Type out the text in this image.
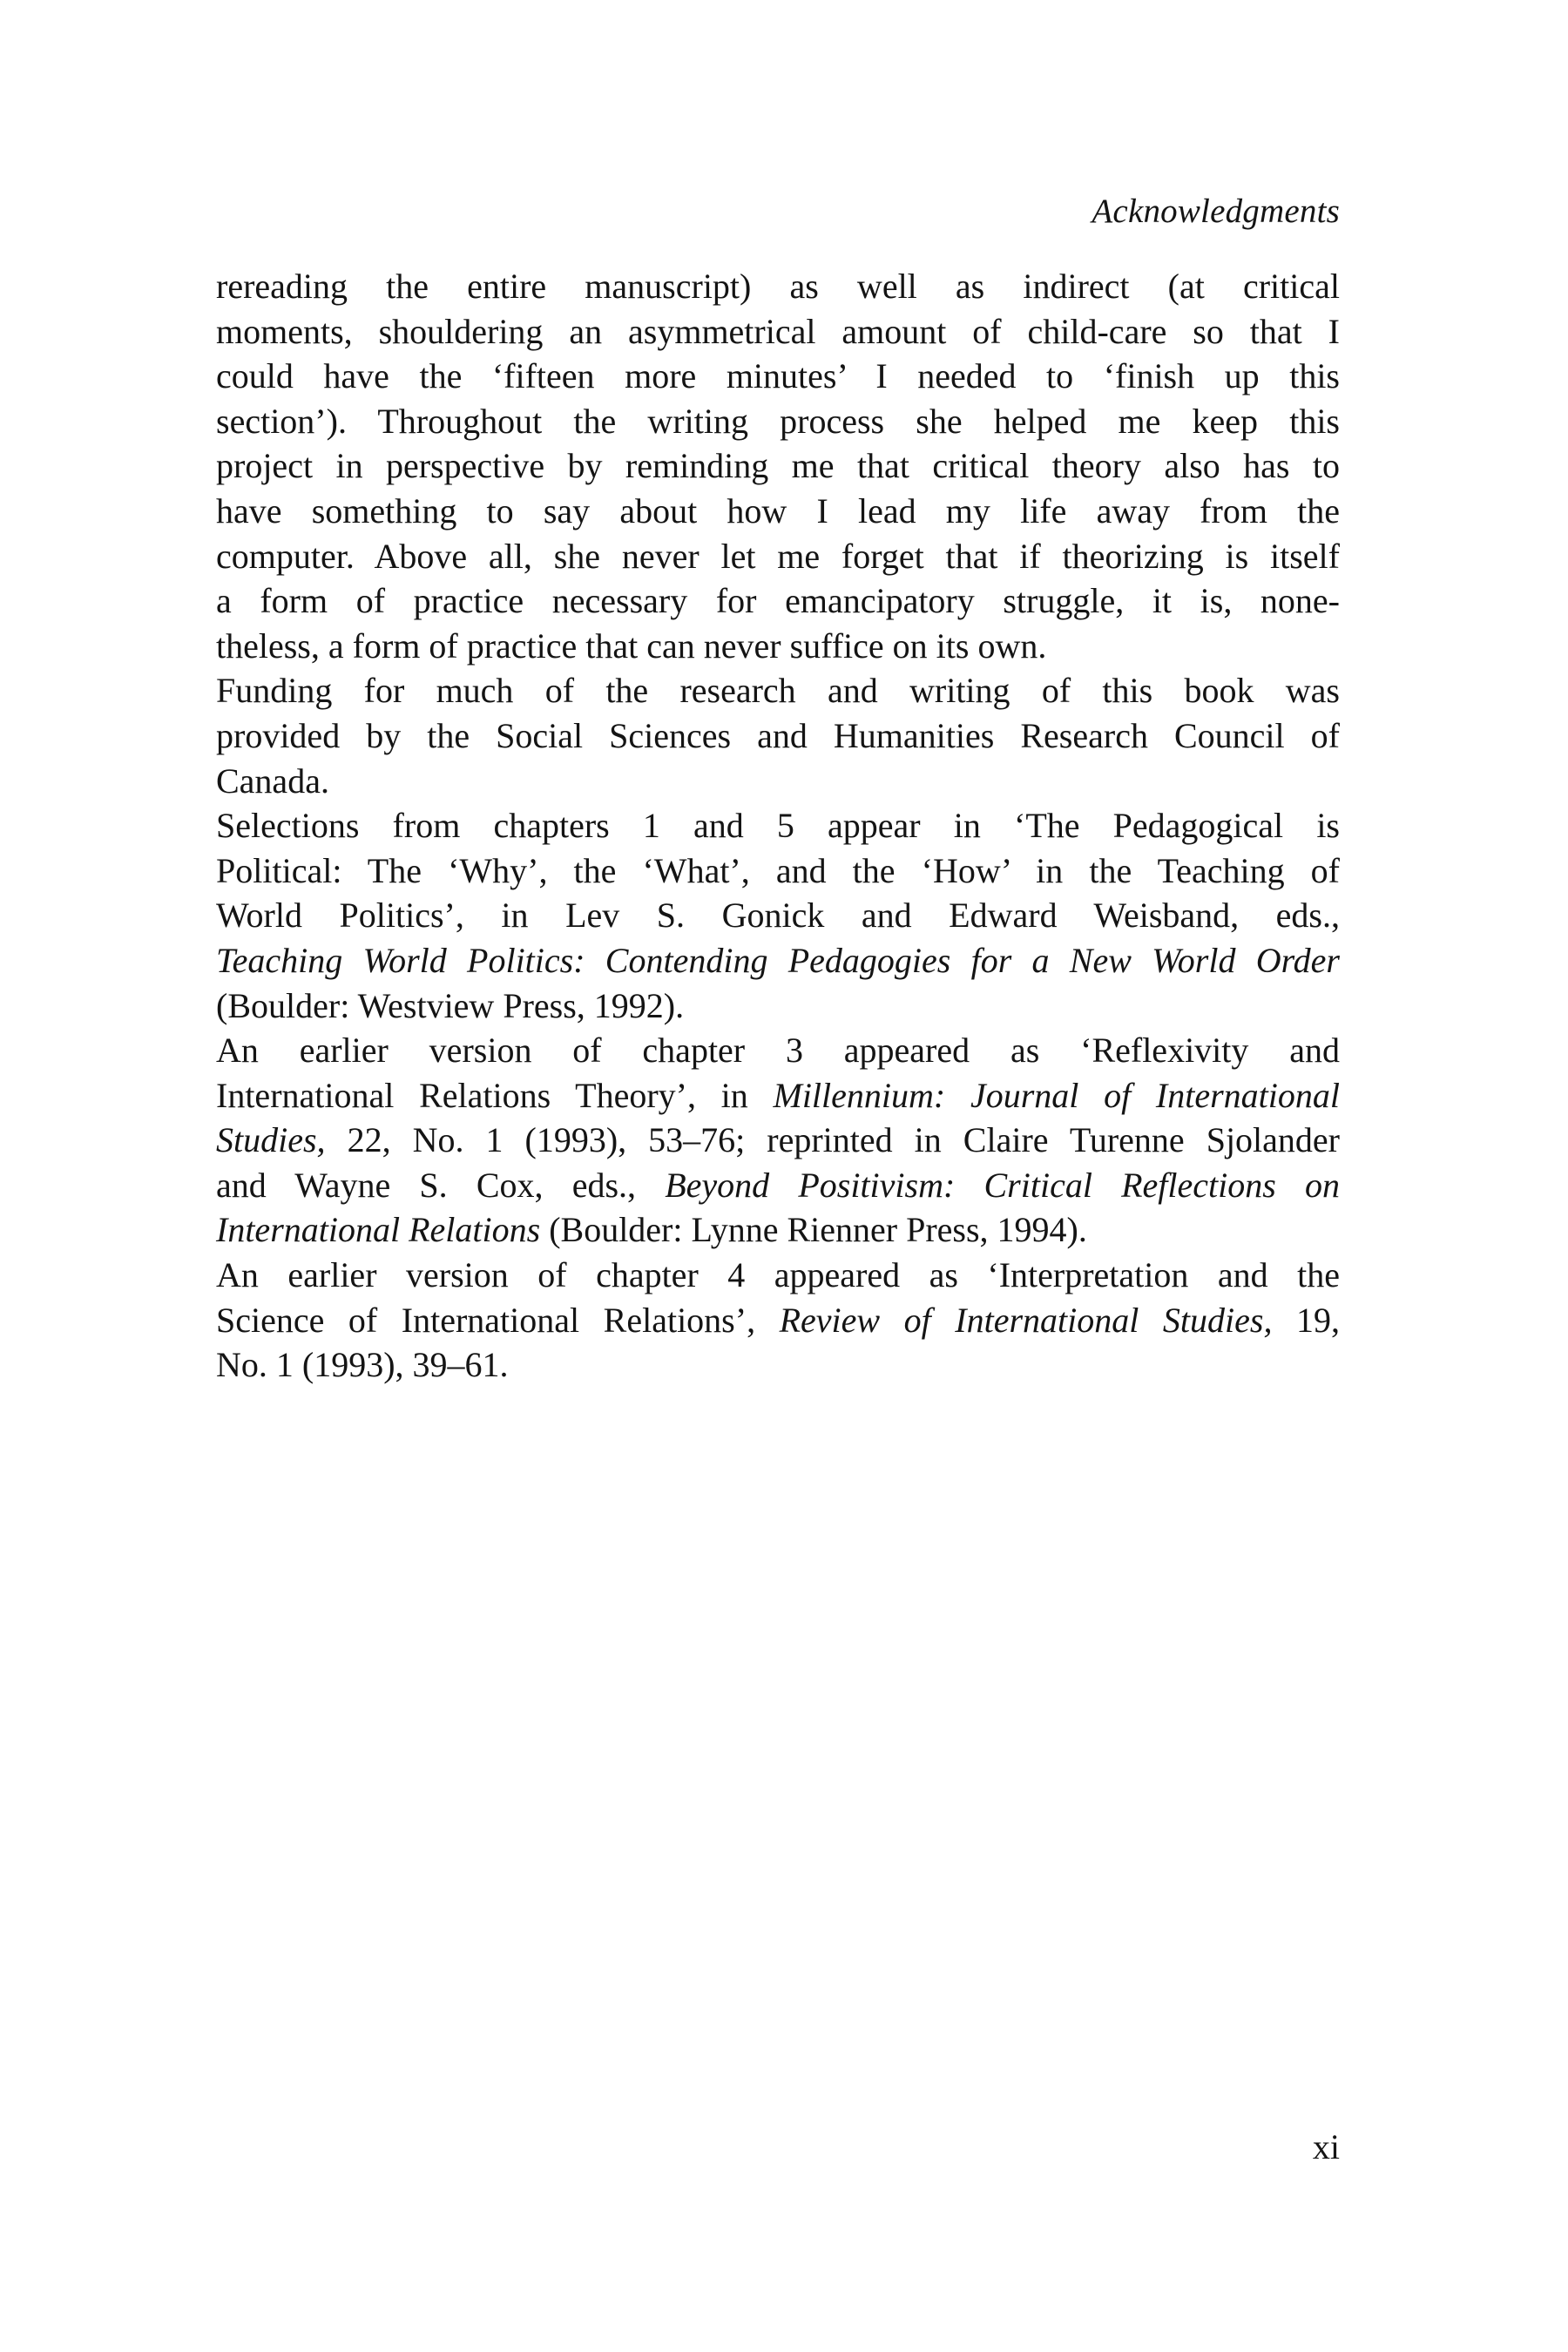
Acknowledgments

rereading the entire manuscript) as well as indirect (at critical
moments, shouldering an asymmetrical amount of child-care so that I
could have the ‘fifteen more minutes’ I needed to ‘finish up this
section’). Throughout the writing process she helped me keep this
project in perspective by reminding me that critical theory also has to
have something to say about how I lead my life away from the
computer. Above all, she never let me forget that if theorizing is itself
a form of practice necessary for emancipatory struggle, it is, none-
theless, a form of practice that can never suffice on its own.

Funding for much of the research and writing of this book was
provided by the Social Sciences and Humanities Research Council of
Canada.

Selections from chapters 1 and 5 appear in ‘The Pedagogical is
Political: The ‘Why’, the ‘What’, and the ‘How’ in the Teaching of
World Politics’, in Lev S. Gonick and Edward Weisband, eds.,
Teaching World Politics: Contending Pedagogies for a New World Order
(Boulder: Westview Press, 1992).

An earlier version of chapter 3 appeared as ‘Reflexivity and
International Relations Theory’, in Millennium: Journal of International
Studies, 22, No. 1 (1993), 53–76; reprinted in Claire Turenne Sjolander
and Wayne S. Cox, eds., Beyond Positivism: Critical Reflections on
International Relations (Boulder: Lynne Rienner Press, 1994).

An earlier version of chapter 4 appeared as ‘Interpretation and the
Science of International Relations’, Review of International Studies, 19,
No. 1 (1993), 39–61.

xi
